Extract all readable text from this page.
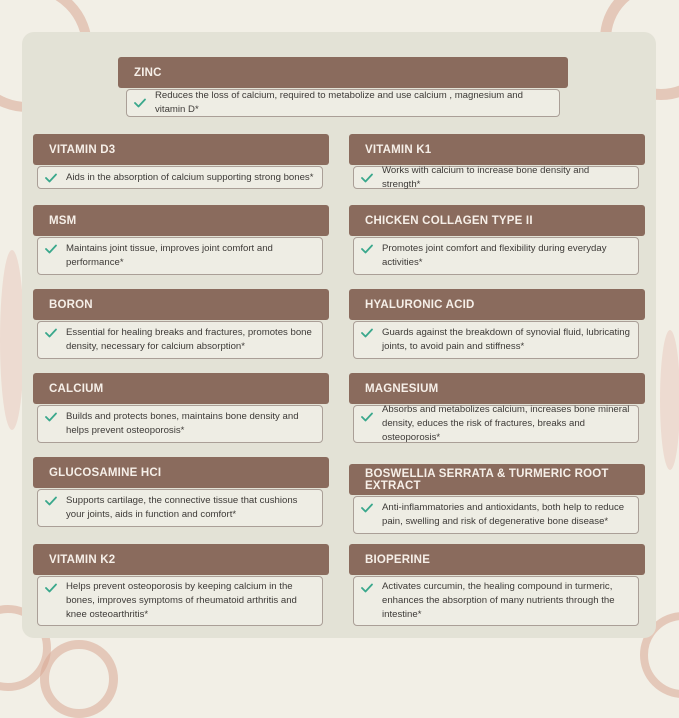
ZINC
Reduces the loss of calcium, required to metabolize and use calcium , magnesium and vitamin D*
VITAMIN D3
Aids in the absorption of calcium supporting strong bones*
VITAMIN K1
Works with calcium to increase bone density and strength*
MSM
Maintains joint tissue, improves joint comfort and performance*
CHICKEN COLLAGEN TYPE II
Promotes joint comfort and flexibility during everyday activities*
BORON
Essential for healing breaks and fractures, promotes bone density, necessary for calcium absorption*
HYALURONIC ACID
Guards against the breakdown of synovial fluid, lubricating joints, to avoid pain and stiffness*
CALCIUM
Builds and protects bones, maintains bone density and helps prevent osteoporosis*
MAGNESIUM
Absorbs and metabolizes calcium, increases bone mineral density, educes the risk of fractures, breaks and osteoporosis*
GLUCOSAMINE HCI
Supports cartilage, the connective tissue that cushions your joints, aids in function and comfort*
BOSWELLIA SERRATA & TURMERIC ROOT EXTRACT
Anti-inflammatories and antioxidants, both help to reduce pain, swelling and risk of degenerative bone disease*
VITAMIN K2
Helps prevent osteoporosis by keeping calcium in the bones, improves symptoms of rheumatoid arthritis and knee osteoarthritis*
BIOPERINE
Activates curcumin, the healing compound in turmeric, enhances the absorption of many nutrients through the intestine*
